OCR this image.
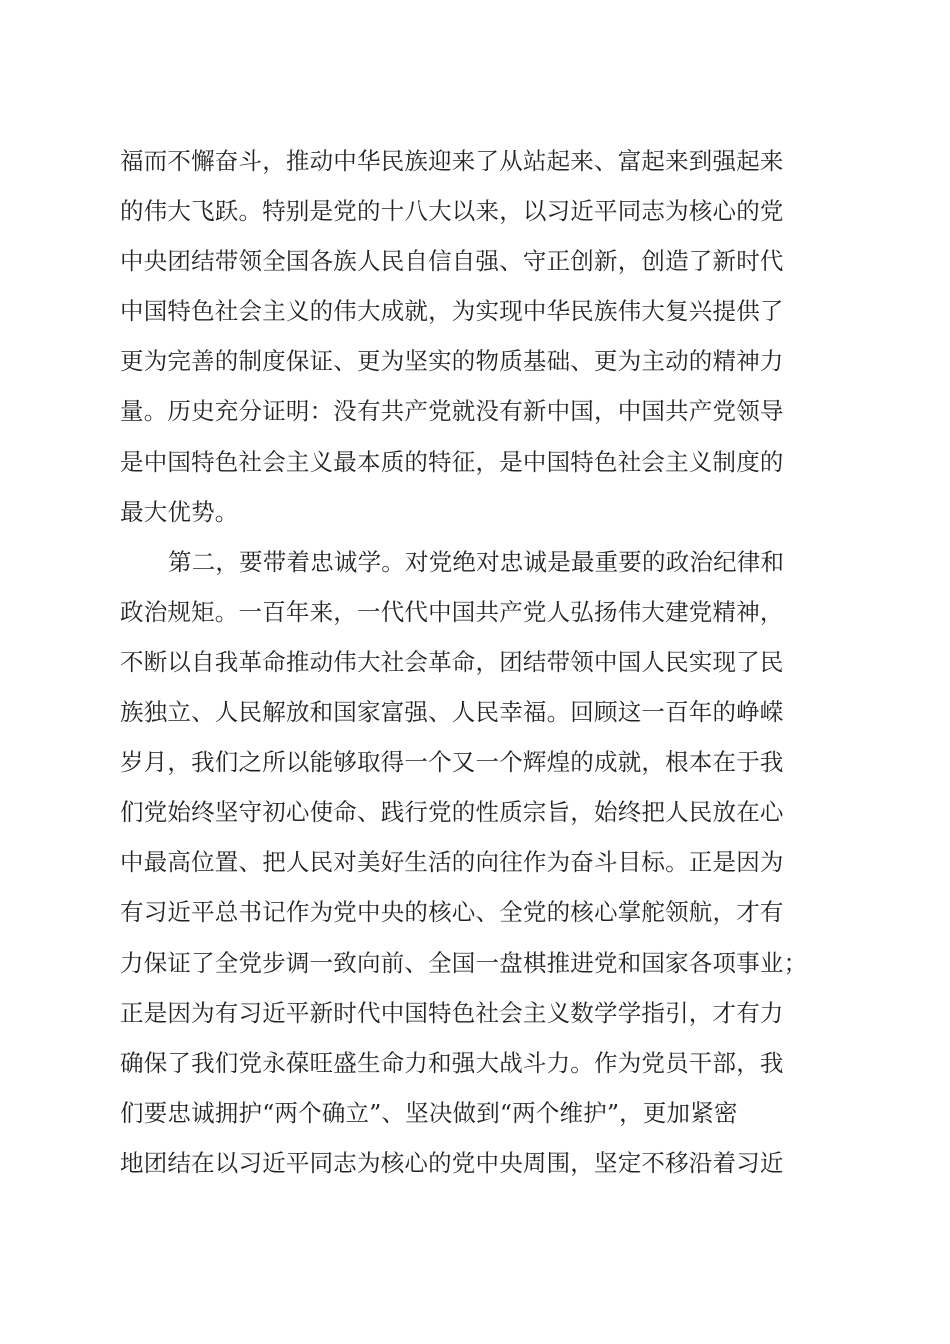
福而不懈奋斗，推动中华民族迎来了从站起来、富起来到强起来
的伟大飞跃。特别是党的十八大以来，以习近平同志为核心的党
中央团结带领全国各族人民自信自强、守正创新，创造了新时代
中国特色社会主义的伟大成就，为实现中华民族伟大复兴提供了
更为完善的制度保证、更为坚实的物质基础、更为主动的精神力
量。历史充分证明：没有共产党就没有新中国，中国共产党领导
是中国特色社会主义最本质的特征，是中国特色社会主义制度的
最大优势。
第二，要带着忠诚学。对党绝对忠诚是最重要的政治纪律和
政治规矩。一百年来，一代代中国共产党人弘扬伟大建党精神，
不断以自我革命推动伟大社会革命，团结带领中国人民实现了民
族独立、人民解放和国家富强、人民幸福。回顾这一百年的峥嵘
岁月，我们之所以能够取得一个又一个辉煌的成就，根本在于我
们党始终坚守初心使命、践行党的性质宗旨，始终把人民放在心
中最高位置、把人民对美好生活的向往作为奋斗目标。正是因为
有习近平总书记作为党中央的核心、全党的核心掌舵领航，才有
力保证了全党步调一致向前、全国一盘棋推进党和国家各项事业；
正是因为有习近平新时代中国特色社会主义数学学指引，才有力
确保了我们党永葆旺盛生命力和强大战斗力。作为党员干部，我
们要忠诚拥护“两个确立”、坚决做到“两个维护”，更加紧密
地团结在以习近平同志为核心的党中央周围，坚定不移沿着习近
